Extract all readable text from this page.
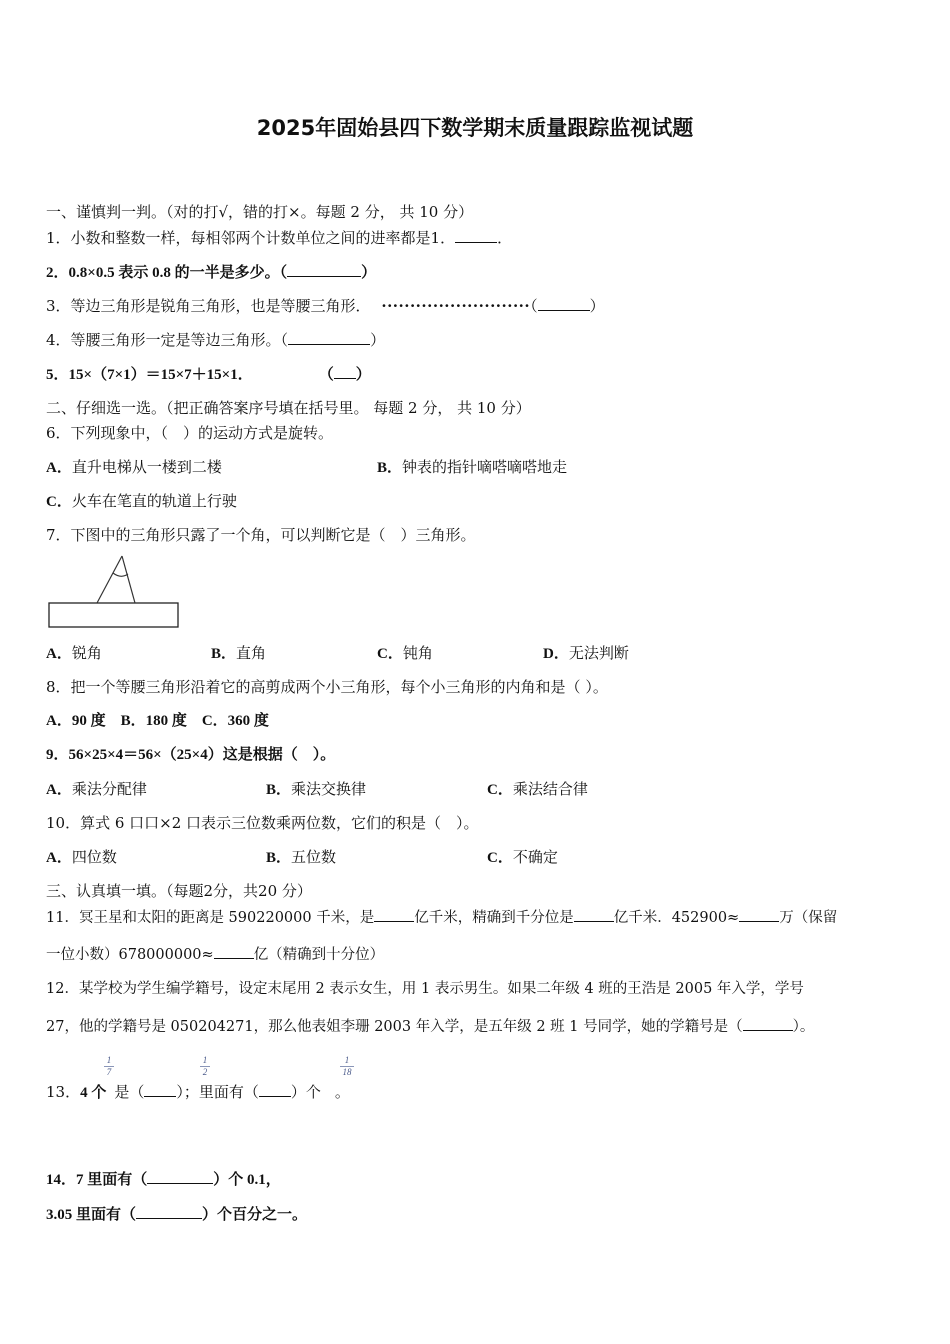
2025年固始县四下数学期末质量跟踪监视试题
一、谨慎判一判。（对的打√，错的打×。每题 2 分， 共 10 分）
1．小数和整数一样，每相邻两个计数单位之间的进率都是1．	．
2．0.8×0.5 表示 0.8 的一半是多少。（	）
3．等边三角形是锐角三角形，也是等腰三角形． ··························（	）
4．等腰三角形一定是等边三角形。（	）
5．15×（7×1）＝15×7＋15×1．	（ ）
二、仔细选一选。（把正确答案序号填在括号里。 每题 2 分， 共 10 分）
6．下列现象中，（　）的运动方式是旋转。
A．直升电梯从一楼到二楼	B．钟表的指针嘀嗒嘀嗒地走
C．火车在笔直的轨道上行驶
7．下图中的三角形只露了一个角，可以判断它是（　）三角形。
A．锐角	B．直角	C．钝角	D．无法判断
8．把一个等腰三角形沿着它的高剪成两个小三角形，每个小三角形的内角和是（ ）。
A．90 度　B．180 度　C．360 度
9．56×25×4＝56×（25×4）这是根据（　）。
A．乘法分配律	B．乘法交换律	C．乘法结合律
10．算式 6 口口×2 口表示三位数乘两位数，它们的积是（　）。
A．四位数	B．五位数	C．不确定
三、认真填一填。（每题2分，共20 分）
11．冥王星和太阳的距离是 590220000 千米，是	亿千米，精确到千分位是	亿千米．452900≈	万（保留
一位小数）678000000≈	亿（精确到十分位）
12．某学校为学生编学籍号，设定末尾用 2 表示女生，用 1 表示男生。如果二年级 4 班的王浩是 2005 年入学，学号
27，他的学籍号是 050204271，那么他表姐李珊 2003 年入学，是五年级 2 班 1 号同学，她的学籍号是（	）。
1
7
1
2
1
18
13．4 个 是（ ）；里面有（ ）个 。
14．7 里面有（	）个 0.1，
3.05 里面有（	）个百分之一。
